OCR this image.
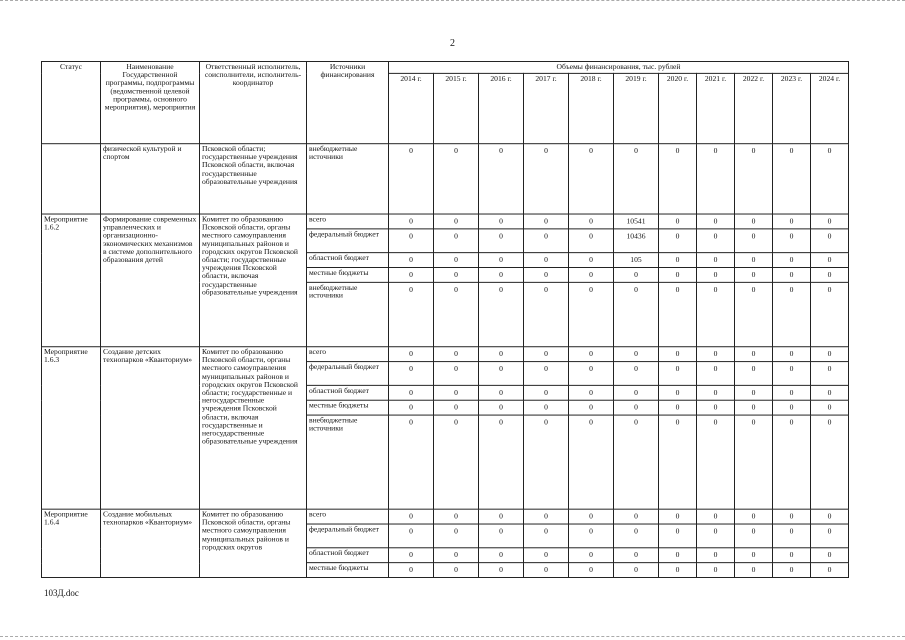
2
Статус	Наименование Государственной программы, подпрограммы (ведомственной целевой программы, основного мероприятия), мероприятия	Ответственный исполнитель, соисполнители, исполнитель-координатор	Источники финансирования	Объемы финансирования, тыс. рублей										
				2014 г.	2015 г.	2016 г.	2017 г.	2018 г.	2019 г.	2020 г.	2021 г.	2022 г.	2023 г.	2024 г.
	физической культурой и спортом	Псковской области; государственные учреждения Псковской области, включая государственные образовательные учреждения	внебюджетные источники	0	0	0	0	0	0	0	0	0	0	0
Мероприятие 1.6.2	Формирование современных управленческих и организационно-экономических механизмов в системе дополнительного образования детей	Комитет по образованию Псковской области, органы местного самоуправления муниципальных районов и городских округов Псковской области; государственные учреждения Псковской области, включая государственные образовательные учреждения	всего	0	0	0	0	0	10541	0	0	0	0	0
			федеральный бюджет	0	0	0	0	0	10436	0	0	0	0	0
			областной бюджет	0	0	0	0	0	105	0	0	0	0	0
			местные бюджеты	0	0	0	0	0	0	0	0	0	0	0
			внебюджетные источники	0	0	0	0	0	0	0	0	0	0	0
Мероприятие 1.6.3	Создание детских технопарков «Кванториум»	Комитет по образованию Псковской области, органы местного самоуправления муниципальных районов и городских округов Псковской области; государственные и негосударственные учреждения Псковской области, включая государственные и негосударственные образовательные учреждения	всего	0	0	0	0	0	0	0	0	0	0	0
			федеральный бюджет	0	0	0	0	0	0	0	0	0	0	0
			областной бюджет	0	0	0	0	0	0	0	0	0	0	0
			местные бюджеты	0	0	0	0	0	0	0	0	0	0	0
			внебюджетные источники	0	0	0	0	0	0	0	0	0	0	0
Мероприятие 1.6.4	Создание мобильных технопарков «Кванториум»	Комитет по образованию Псковской области, органы местного самоуправления муниципальных районов и городских округов	всего	0	0	0	0	0	0	0	0	0	0	0
			федеральный бюджет	0	0	0	0	0	0	0	0	0	0	0
			областной бюджет	0	0	0	0	0	0	0	0	0	0	0
			местные бюджеты	0	0	0	0	0	0	0	0	0	0	0
103Д.doc
